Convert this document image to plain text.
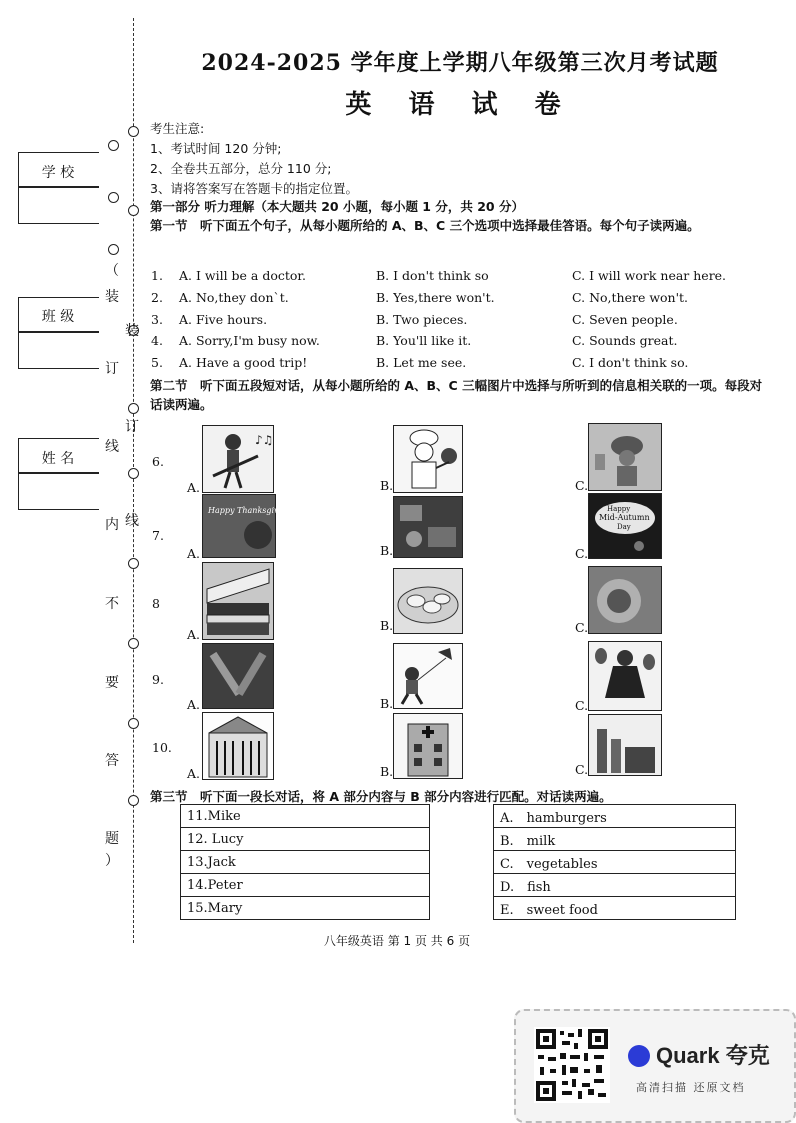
（
装
订
线
内
不
要
答
题
）
装
订
线
学 校
班 级
姓 名
2024-2025 学年度上学期八年级第三次月考试题
英 语 试 卷
考生注意:
1、考试时间 120 分钟;
2、全卷共五部分，总分 110 分;
3、请将答案写在答题卡的指定位置。
第一部分 听力理解（本大题共 20 小题，每小题 1 分，共 20 分）
第一节　听下面五个句子，从每小题所给的 A、B、C 三个选项中选择最佳答语。每个句子读两遍。
1. A. I will be a doctor.	B. I don't think so	C. I will work near here.
2. A. No,they don`t.	B. Yes,there won't.	C. No,there won't.
3. A. Five hours.	B. Two pieces.	C. Seven people.
4. A. Sorry,I'm busy now.	B. You'll like it.	C. Sounds great.
5. A. Have a good trip!	B. Let me see.	C. I don't think so.
第二节　听下面五段短对话，从每小题所给的 A、B、C 三幅图片中选择与所听到的信息相关联的一项。每段对话读两遍。
6.
A.
♪♫
B.	C.
7.
A.
Happy Thanksgiving
B.	C.
Happy
Mid-Autumn
Day
8
A.
B.	C.
9.
A.	B.	C.
10.
A.	B.	C.
第三节　听下面一段长对话，将 A 部分内容与 B 部分内容进行匹配。对话读两遍。
11.Mike
12. Lucy
13.Jack
14.Peter
15.Mary
A.　hamburgers
B.　milk
C.　vegetables
D.　fish
E.　sweet food
八年级英语 第 1 页 共 6 页
Quark 夸克
高清扫描 还原文档
